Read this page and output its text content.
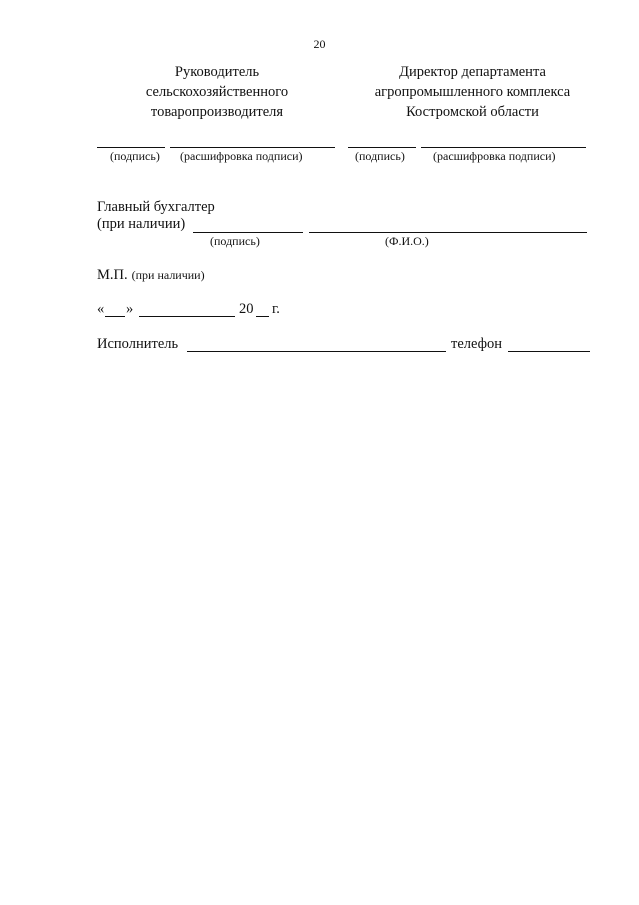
20
Руководитель
сельскохозяйственного
товаропроизводителя
Директор департамента
агропромышленного комплекса
Костромской области
(подпись) (расшифровка подписи)	(подпись) (расшифровка подписи)
Главный бухгалтер
(при наличии)
(подпись)	(Ф.И.О.)
М.П. (при наличии)
« »	20 г.
Исполнитель	телефон
